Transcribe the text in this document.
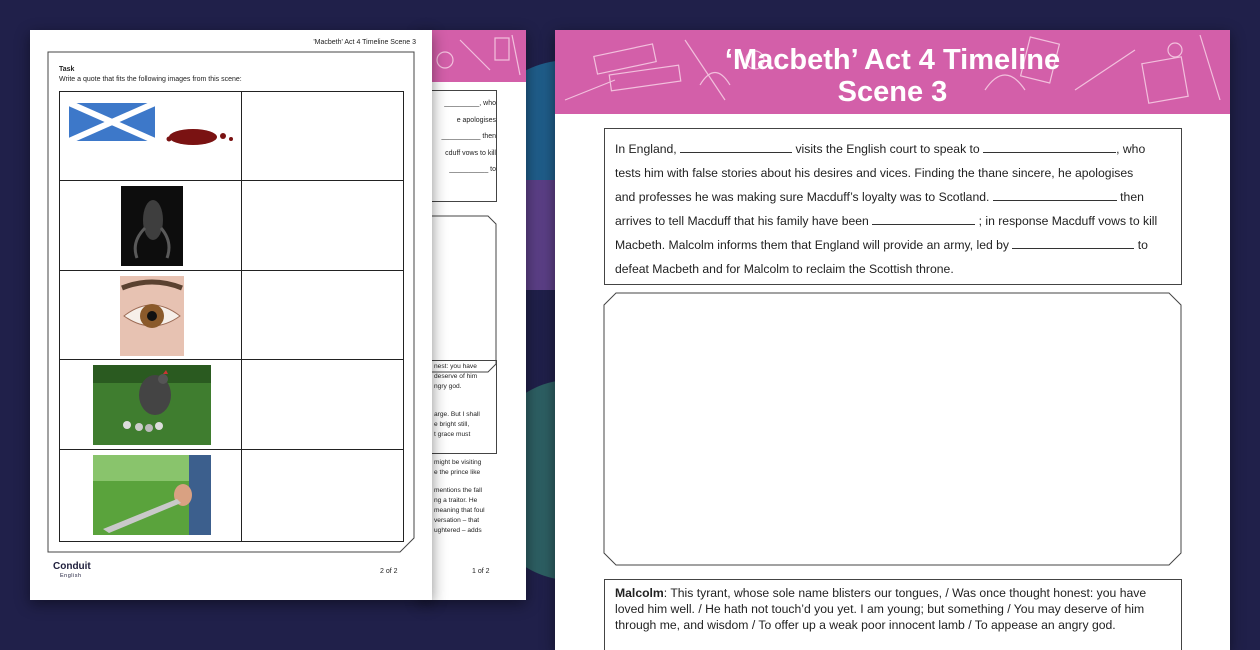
_________, who
e apologises
__________ then
cduff vows to kill
__________ to
nest: you have
deserve of him
ngry god.
arge. But I shall
e bright still,
t grace must
might be visiting
e the prince like
mentions the fall
ng a traitor. He
meaning that foul
versation – that
ughtered – adds
1 of 2
'Macbeth' Act 4 Timeline Scene 3
Task
Write a quote that fits the following images from this scene:
Conduit
English
2 of 2
‘Macbeth’ Act 4 Timeline
Scene 3
In England,	visits the English court to speak to	, who
tests him with false stories about his desires and vices. Finding the thane sincere, he apologises
and professes he was making sure Macduff’s loyalty was to Scotland.	then
arrives to tell Macduff that his family have been	; in response Macduff vows to kill
Macbeth. Malcolm informs them that England will provide an army, led by	to
defeat Macbeth and for Malcolm to reclaim the Scottish throne.
Malcolm: This tyrant, whose sole name blisters our tongues, / Was once thought honest: you have loved him well. / He hath not touch’d you yet. I am young; but something / You may deserve of him through me, and wisdom / To offer up a weak poor innocent lamb / To appease an angry god.
